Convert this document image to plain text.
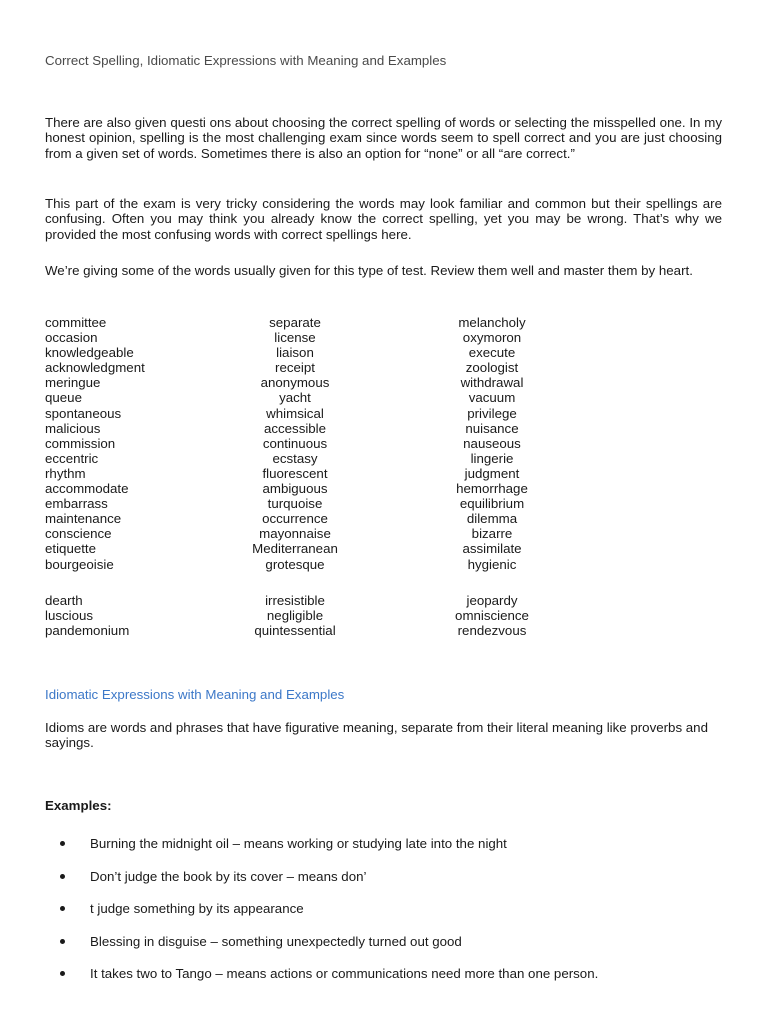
Correct Spelling, Idiomatic Expressions with Meaning and Examples

There are also given questi ons about choosing the correct spelling of words or selecting the misspelled one. In my honest opinion, spelling is the most challenging exam since words seem to spell correct and you are just choosing from a given set of words. Sometimes there is also an option for “none” or all “are correct.”

This part of the exam is very tricky considering the words may look familiar and common but their spellings are confusing. Often you may think you already know the correct spelling, yet you may be wrong. That’s why we provided the most confusing words with correct spellings here.

We’re giving some of the words usually given for this type of test. Review them well and master them by heart.

committee	separate	melancholy
occasion	license	oxymoron
knowledgeable	liaison	execute
acknowledgment	receipt	zoologist
meringue	anonymous	withdrawal
queue	yacht	vacuum
spontaneous	whimsical	privilege
malicious	accessible	nuisance
commission	continuous	nauseous
eccentric	ecstasy	lingerie
rhythm	fluorescent	judgment
accommodate	ambiguous	hemorrhage
embarrass	turquoise	equilibrium
maintenance	occurrence	dilemma
conscience	mayonnaise	bizarre
etiquette	Mediterranean	assimilate
bourgeoisie	grotesque	hygienic
dearth	irresistible	jeopardy
luscious	negligible	omniscience
pandemonium	quintessential	rendezvous
Idiomatic Expressions with Meaning and Examples

Idioms are words and phrases that have figurative meaning, separate from their literal meaning like proverbs and sayings.

Examples:
Burning the midnight oil – means working or studying late into the night
Don’t judge the book by its cover – means don’
t judge something by its appearance
Blessing in disguise – something unexpectedly turned out good
It takes two to Tango – means actions or communications need more than one person.
